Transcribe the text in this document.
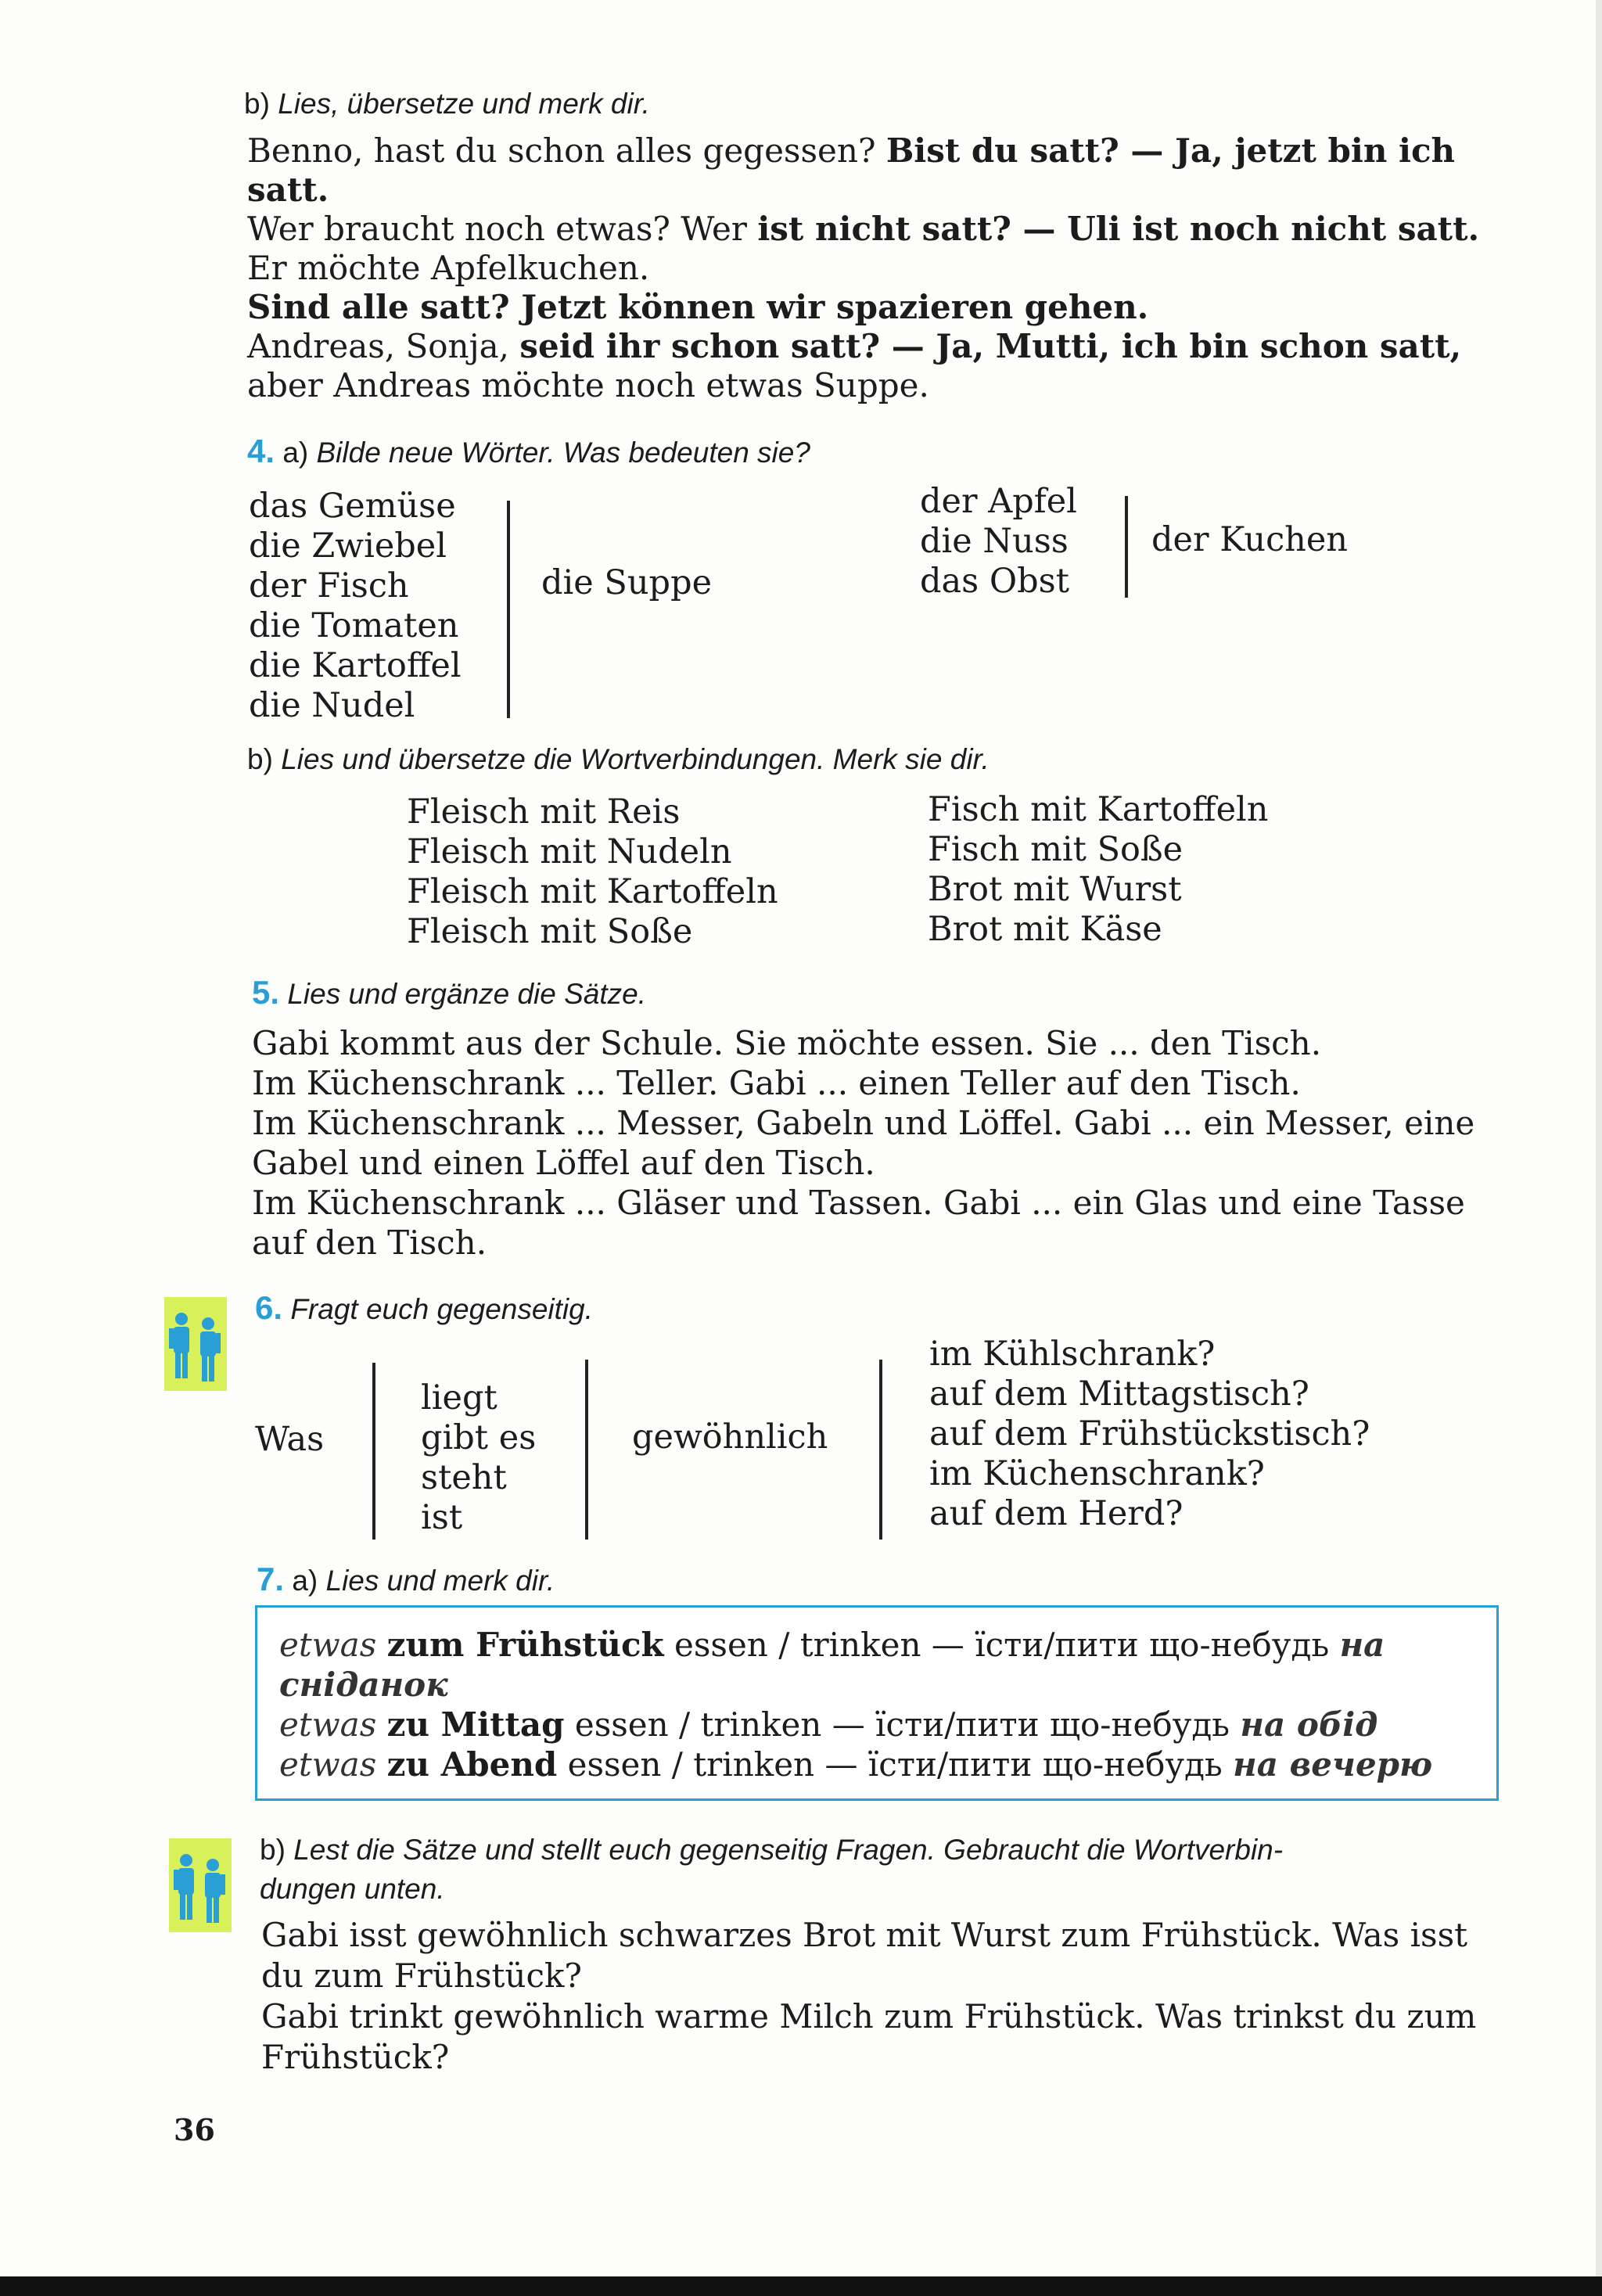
b) Lies, übersetze und merk dir.
Benno, hast du schon alles gegessen? Bist du satt? — Ja, jetzt bin ich
satt.
Wer braucht noch etwas? Wer ist nicht satt? — Uli ist noch nicht satt.
Er möchte Apfelkuchen.
Sind alle satt? Jetzt können wir spazieren gehen.
Andreas, Sonja, seid ihr schon satt? — Ja, Mutti, ich bin schon satt,
aber Andreas möchte noch etwas Suppe.
4. a) Bilde neue Wörter. Was bedeuten sie?
das Gemüse
die Zwiebel
der Fisch
die Tomaten
die Kartoffel
die Nudel
die Suppe
der Apfel
die Nuss
das Obst
der Kuchen
b) Lies und übersetze die Wortverbindungen. Merk sie dir.
Fleisch mit Reis
Fleisch mit Nudeln
Fleisch mit Kartoffeln
Fleisch mit Soße
Fisch mit Kartoffeln
Fisch mit Soße
Brot mit Wurst
Brot mit Käse
5. Lies und ergänze die Sätze.
Gabi kommt aus der Schule. Sie möchte essen. Sie ... den Tisch.
Im Küchenschrank ... Teller. Gabi ... einen Teller auf den Tisch.
Im Küchenschrank ... Messer, Gabeln und Löffel. Gabi ... ein Messer, eine
Gabel und einen Löffel auf den Tisch.
Im Küchenschrank ... Gläser und Tassen. Gabi ... ein Glas und eine Tasse
auf den Tisch.
6. Fragt euch gegenseitig.
Was
liegt
gibt es
steht
ist
gewöhnlich
im Kühlschrank?
auf dem Mittagstisch?
auf dem Frühstückstisch?
im Küchenschrank?
auf dem Herd?
7. a) Lies und merk dir.
etwas zum Frühstück essen / trinken — їсти/пити що-небудь на
сніданок
etwas zu Mittag essen / trinken — їсти/пити що-небудь на обід
etwas zu Abend essen / trinken — їсти/пити що-небудь на вечерю
b) Lest die Sätze und stellt euch gegenseitig Fragen. Gebraucht die Wortverbin-
dungen unten.
Gabi isst gewöhnlich schwarzes Brot mit Wurst zum Frühstück. Was isst
du zum Frühstück?
Gabi trinkt gewöhnlich warme Milch zum Frühstück. Was trinkst du zum
Frühstück?
36
